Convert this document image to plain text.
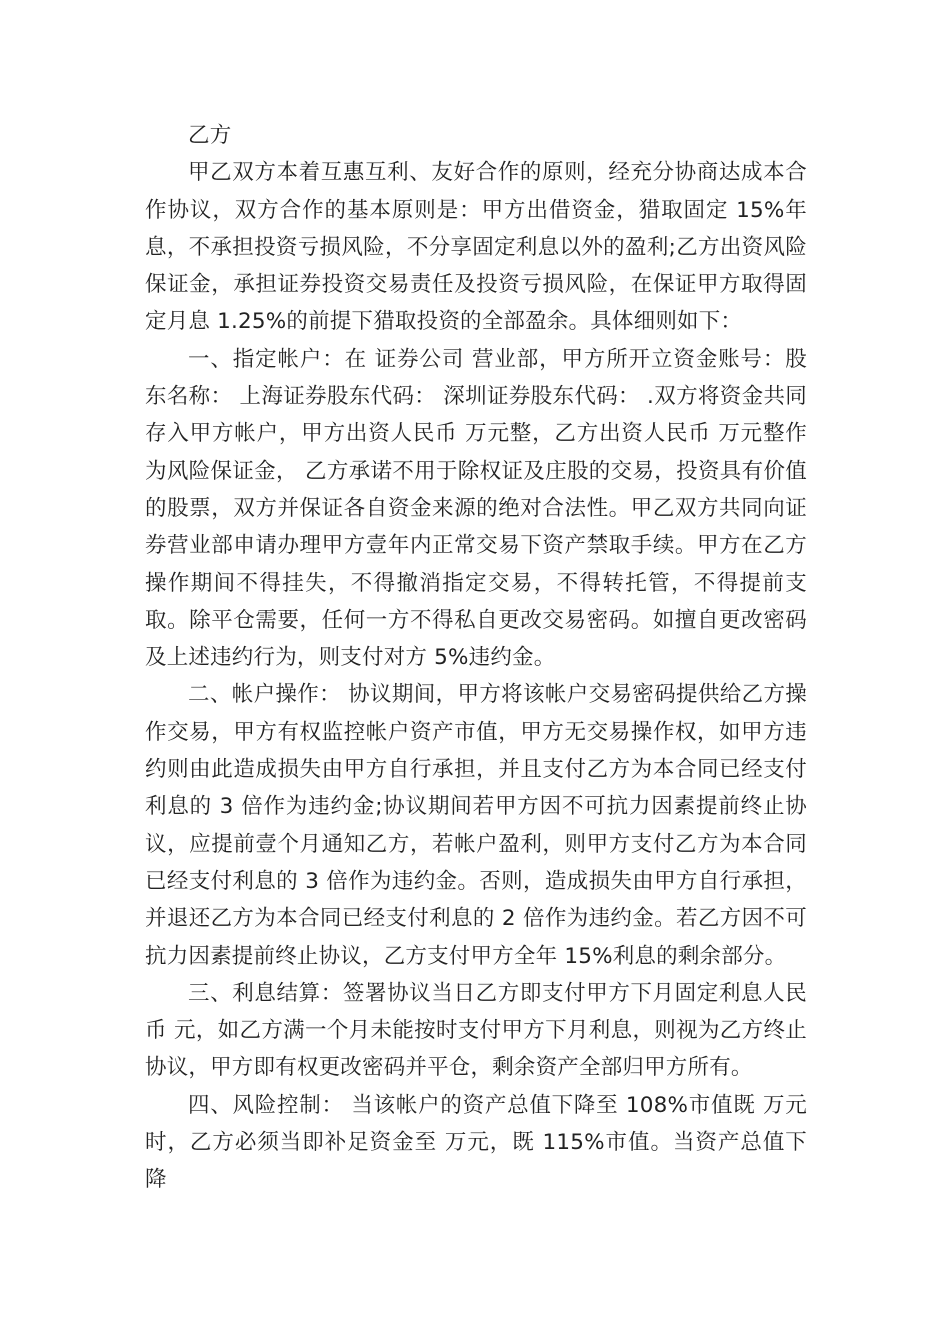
乙方

甲乙双方本着互惠互利、友好合作的原则，经充分协商达成本合作协议，双方合作的基本原则是：甲方出借资金，猎取固定 15%年息，不承担投资亏损风险，不分享固定利息以外的盈利;乙方出资风险保证金，承担证券投资交易责任及投资亏损风险，在保证甲方取得固定月息 1.25%的前提下猎取投资的全部盈余。具体细则如下：

一、指定帐户：在 证券公司 营业部，甲方所开立资金账号：股东名称： 上海证券股东代码： 深圳证券股东代码： .双方将资金共同存入甲方帐户，甲方出资人民币 万元整，乙方出资人民币 万元整作为风险保证金， 乙方承诺不用于除权证及庄股的交易，投资具有价值的股票，双方并保证各自资金来源的绝对合法性。甲乙双方共同向证券营业部申请办理甲方壹年内正常交易下资产禁取手续。甲方在乙方操作期间不得挂失，不得撤消指定交易，不得转托管，不得提前支取。除平仓需要，任何一方不得私自更改交易密码。如擅自更改密码及上述违约行为，则支付对方 5%违约金。

二、帐户操作： 协议期间，甲方将该帐户交易密码提供给乙方操作交易，甲方有权监控帐户资产市值，甲方无交易操作权，如甲方违约则由此造成损失由甲方自行承担，并且支付乙方为本合同已经支付利息的 3 倍作为违约金;协议期间若甲方因不可抗力因素提前终止协议，应提前壹个月通知乙方，若帐户盈利，则甲方支付乙方为本合同已经支付利息的 3 倍作为违约金。否则，造成损失由甲方自行承担，并退还乙方为本合同已经支付利息的 2 倍作为违约金。若乙方因不可抗力因素提前终止协议，乙方支付甲方全年 15%利息的剩余部分。

三、利息结算：签署协议当日乙方即支付甲方下月固定利息人民币 元，如乙方满一个月未能按时支付甲方下月利息，则视为乙方终止协议，甲方即有权更改密码并平仓，剩余资产全部归甲方所有。

四、风险控制： 当该帐户的资产总值下降至 108%市值既 万元时，乙方必须当即补足资金至 万元，既 115%市值。当资产总值下降
